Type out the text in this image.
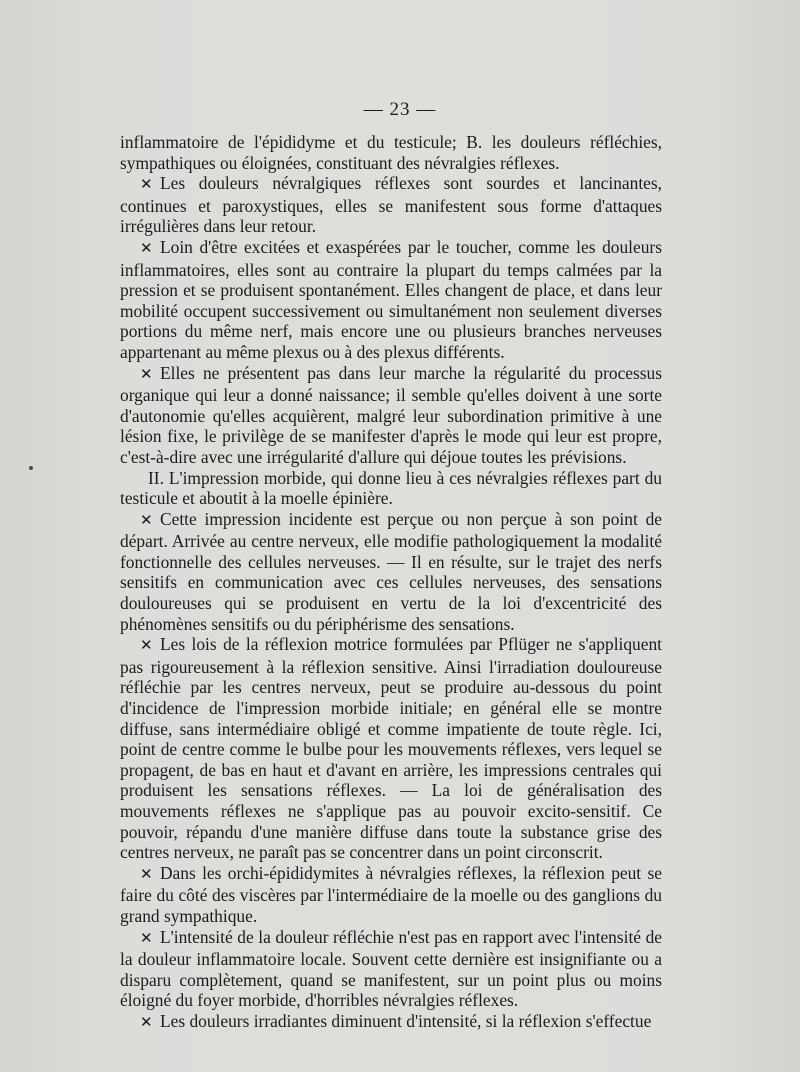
— 23 —

inflammatoire de l'épididyme et du testicule; B. les douleurs réfléchies, sympathiques ou éloignées, constituant des névralgies réflexes.

✕ Les douleurs névralgiques réflexes sont sourdes et lancinantes, continues et paroxystiques, elles se manifestent sous forme d'attaques irrégulières dans leur retour.

✕ Loin d'être excitées et exaspérées par le toucher, comme les douleurs inflammatoires, elles sont au contraire la plupart du temps calmées par la pression et se produisent spontanément. Elles changent de place, et dans leur mobilité occupent successivement ou simultanément non seulement diverses portions du même nerf, mais encore une ou plusieurs branches nerveuses appartenant au même plexus ou à des plexus différents.

✕ Elles ne présentent pas dans leur marche la régularité du processus organique qui leur a donné naissance; il semble qu'elles doivent à une sorte d'autonomie qu'elles acquièrent, malgré leur subordination primitive à une lésion fixe, le privilège de se manifester d'après le mode qui leur est propre, c'est-à-dire avec une irrégularité d'allure qui déjoue toutes les prévisions.

II. L'impression morbide, qui donne lieu à ces névralgies réflexes part du testicule et aboutit à la moelle épinière.

✕ Cette impression incidente est perçue ou non perçue à son point de départ. Arrivée au centre nerveux, elle modifie pathologiquement la modalité fonctionnelle des cellules nerveuses. — Il en résulte, sur le trajet des nerfs sensitifs en communication avec ces cellules nerveuses, des sensations douloureuses qui se produisent en vertu de la loi d'excentricité des phénomènes sensitifs ou du périphérisme des sensations.

✕ Les lois de la réflexion motrice formulées par Pflüger ne s'appliquent pas rigoureusement à la réflexion sensitive. Ainsi l'irradiation douloureuse réfléchie par les centres nerveux, peut se produire au-dessous du point d'incidence de l'impression morbide initiale; en général elle se montre diffuse, sans intermédiaire obligé et comme impatiente de toute règle. Ici, point de centre comme le bulbe pour les mouvements réflexes, vers lequel se propagent, de bas en haut et d'avant en arrière, les impressions centrales qui produisent les sensations réflexes. — La loi de généralisation des mouvements réflexes ne s'applique pas au pouvoir excito-sensitif. Ce pouvoir, répandu d'une manière diffuse dans toute la substance grise des centres nerveux, ne paraît pas se concentrer dans un point circonscrit.

✕ Dans les orchi-épididymites à névralgies réflexes, la réflexion peut se faire du côté des viscères par l'intermédiaire de la moelle ou des ganglions du grand sympathique.

✕ L'intensité de la douleur réfléchie n'est pas en rapport avec l'intensité de la douleur inflammatoire locale. Souvent cette dernière est insignifiante ou a disparu complètement, quand se manifestent, sur un point plus ou moins éloigné du foyer morbide, d'horribles névralgies réflexes.

✕ Les douleurs irradiantes diminuent d'intensité, si la réflexion s'effectue
